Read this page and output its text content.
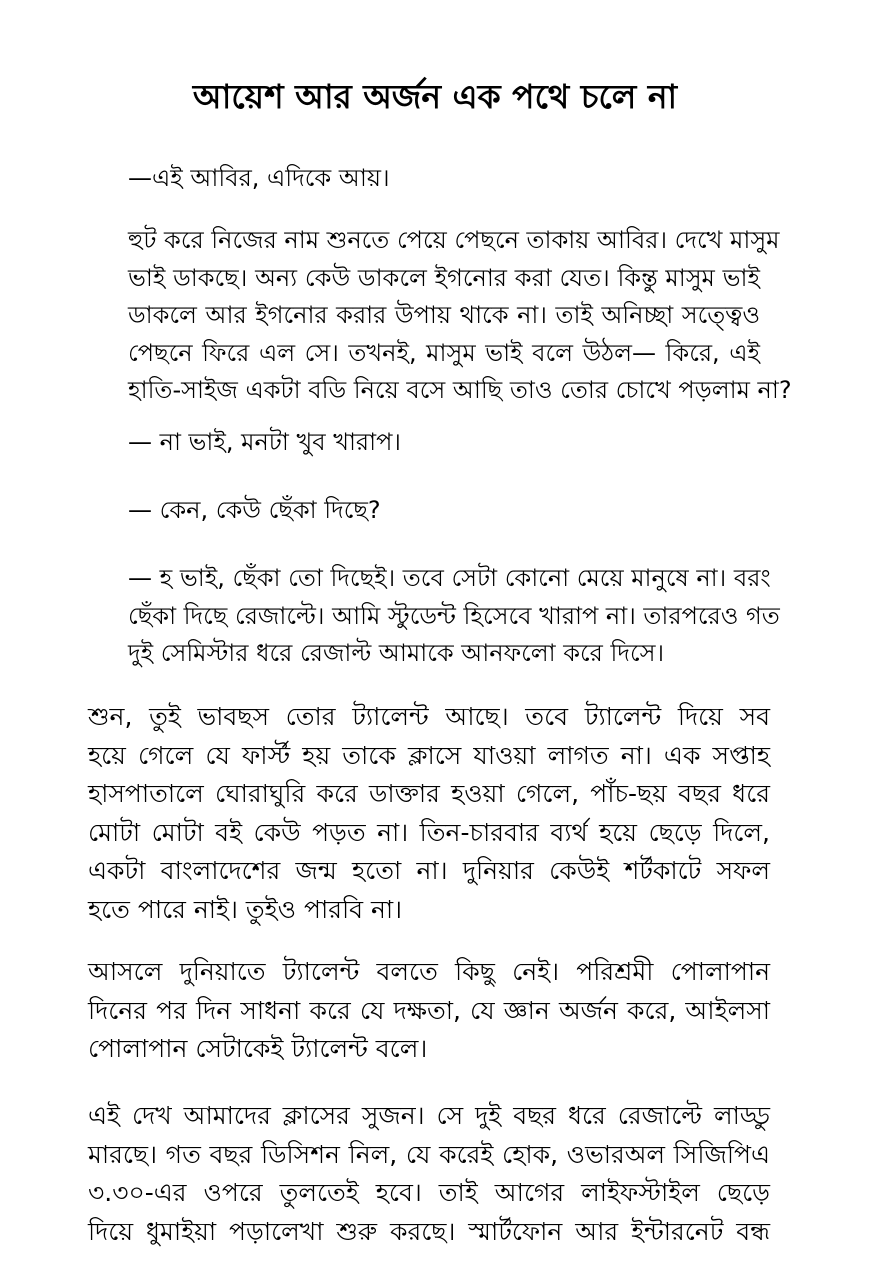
আয়েশ আর অর্জন এক পথে চলে না

—এই আবির, এদিকে আয়।

হুট করে নিজের নাম শুনতে পেয়ে পেছনে তাকায় আবির। দেখে মাসুম
ভাই ডাকছে। অন্য কেউ ডাকলে ইগনোর করা যেত। কিন্তু মাসুম ভাই
ডাকলে আর ইগনোর করার উপায় থাকে না। তাই অনিচ্ছা সত্ত্বেও
পেছনে ফিরে এল সে। তখনই, মাসুম ভাই বলে উঠল— কিরে, এই
হাতি-সাইজ একটা বডি নিয়ে বসে আছি তাও তোর চোখে পড়লাম না?

— না ভাই, মনটা খুব খারাপ।

— কেন, কেউ ছেঁকা দিছে?

— হ ভাই, ছেঁকা তো দিছেই। তবে সেটা কোনো মেয়ে মানুষে না। বরং
ছেঁকা দিছে রেজাল্টে। আমি স্টুডেন্ট হিসেবে খারাপ না। তারপরেও গত
দুই সেমিস্টার ধরে রেজাল্ট আমাকে আনফলো করে দিসে।

শুন, তুই ভাবছস তোর ট্যালেন্ট আছে। তবে ট্যালেন্ট দিয়ে সব
হয়ে গেলে যে ফার্স্ট হয় তাকে ক্লাসে যাওয়া লাগত না। এক সপ্তাহ
হাসপাতালে ঘোরাঘুরি করে ডাক্তার হওয়া গেলে, পাঁচ-ছয় বছর ধরে
মোটা মোটা বই কেউ পড়ত না। তিন-চারবার ব্যর্থ হয়ে ছেড়ে দিলে,
একটা বাংলাদেশের জন্ম হতো না। দুনিয়ার কেউই শর্টকাটে সফল
হতে পারে নাই। তুইও পারবি না।

আসলে দুনিয়াতে ট্যালেন্ট বলতে কিছু নেই। পরিশ্রমী পোলাপান
দিনের পর দিন সাধনা করে যে দক্ষতা, যে জ্ঞান অর্জন করে, আইলসা
পোলাপান সেটাকেই ট্যালেন্ট বলে।

এই দেখ আমাদের ক্লাসের সুজন। সে দুই বছর ধরে রেজাল্টে লাড্ডু
মারছে। গত বছর ডিসিশন নিল, যে করেই হোক, ওভারঅল সিজিপিএ
৩.৩০-এর ওপরে তুলতেই হবে। তাই আগের লাইফস্টাইল ছেড়ে
দিয়ে ধুমাইয়া পড়ালেখা শুরু করছে। স্মার্টফোন আর ইন্টারনেট বন্ধ
